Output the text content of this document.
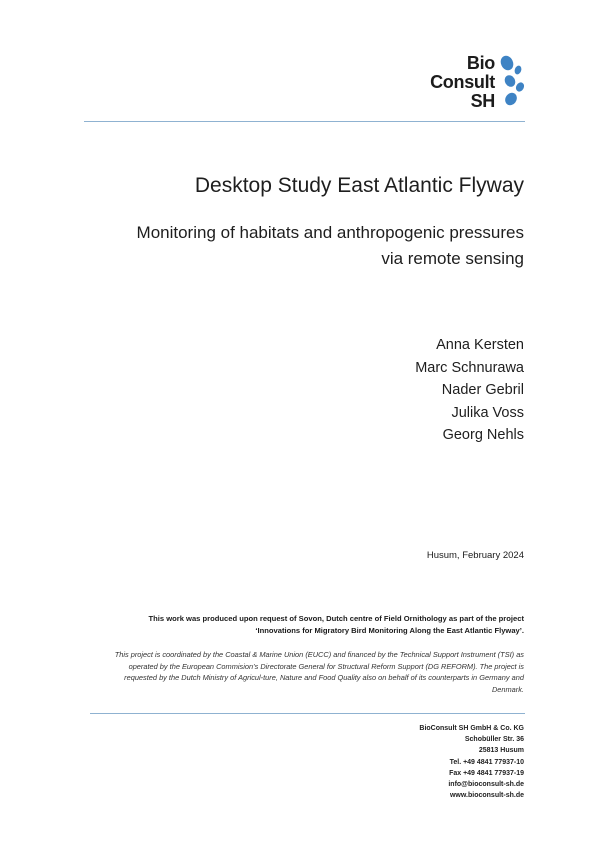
Bio
Consult
SH
Desktop Study East Atlantic Flyway
Monitoring of habitats and anthropogenic pressures via remote sensing
Anna Kersten
Marc Schnurawa
Nader Gebril
Julika Voss
Georg Nehls
Husum, February 2024
This work was produced upon request of Sovon, Dutch centre of Field Ornithology as part of the project ‘Innovations for Migratory Bird Monitoring Along the East Atlantic Flyway’.
This project is coordinated by the Coastal & Marine Union (EUCC) and financed by the Technical Support Instrument (TSI) as operated by the European Commision’s Directorate General for Structural Reform Support (DG REFORM). The project is requested by the Dutch Ministry of Agricul-ture, Nature and Food Quality also on behalf of its counterparts in Germany and Denmark.
BioConsult SH GmbH & Co. KG
Schobüller Str. 36
25813 Husum
Tel. +49 4841 77937-10
Fax +49 4841 77937-19
info@bioconsult-sh.de
www.bioconsult-sh.de
